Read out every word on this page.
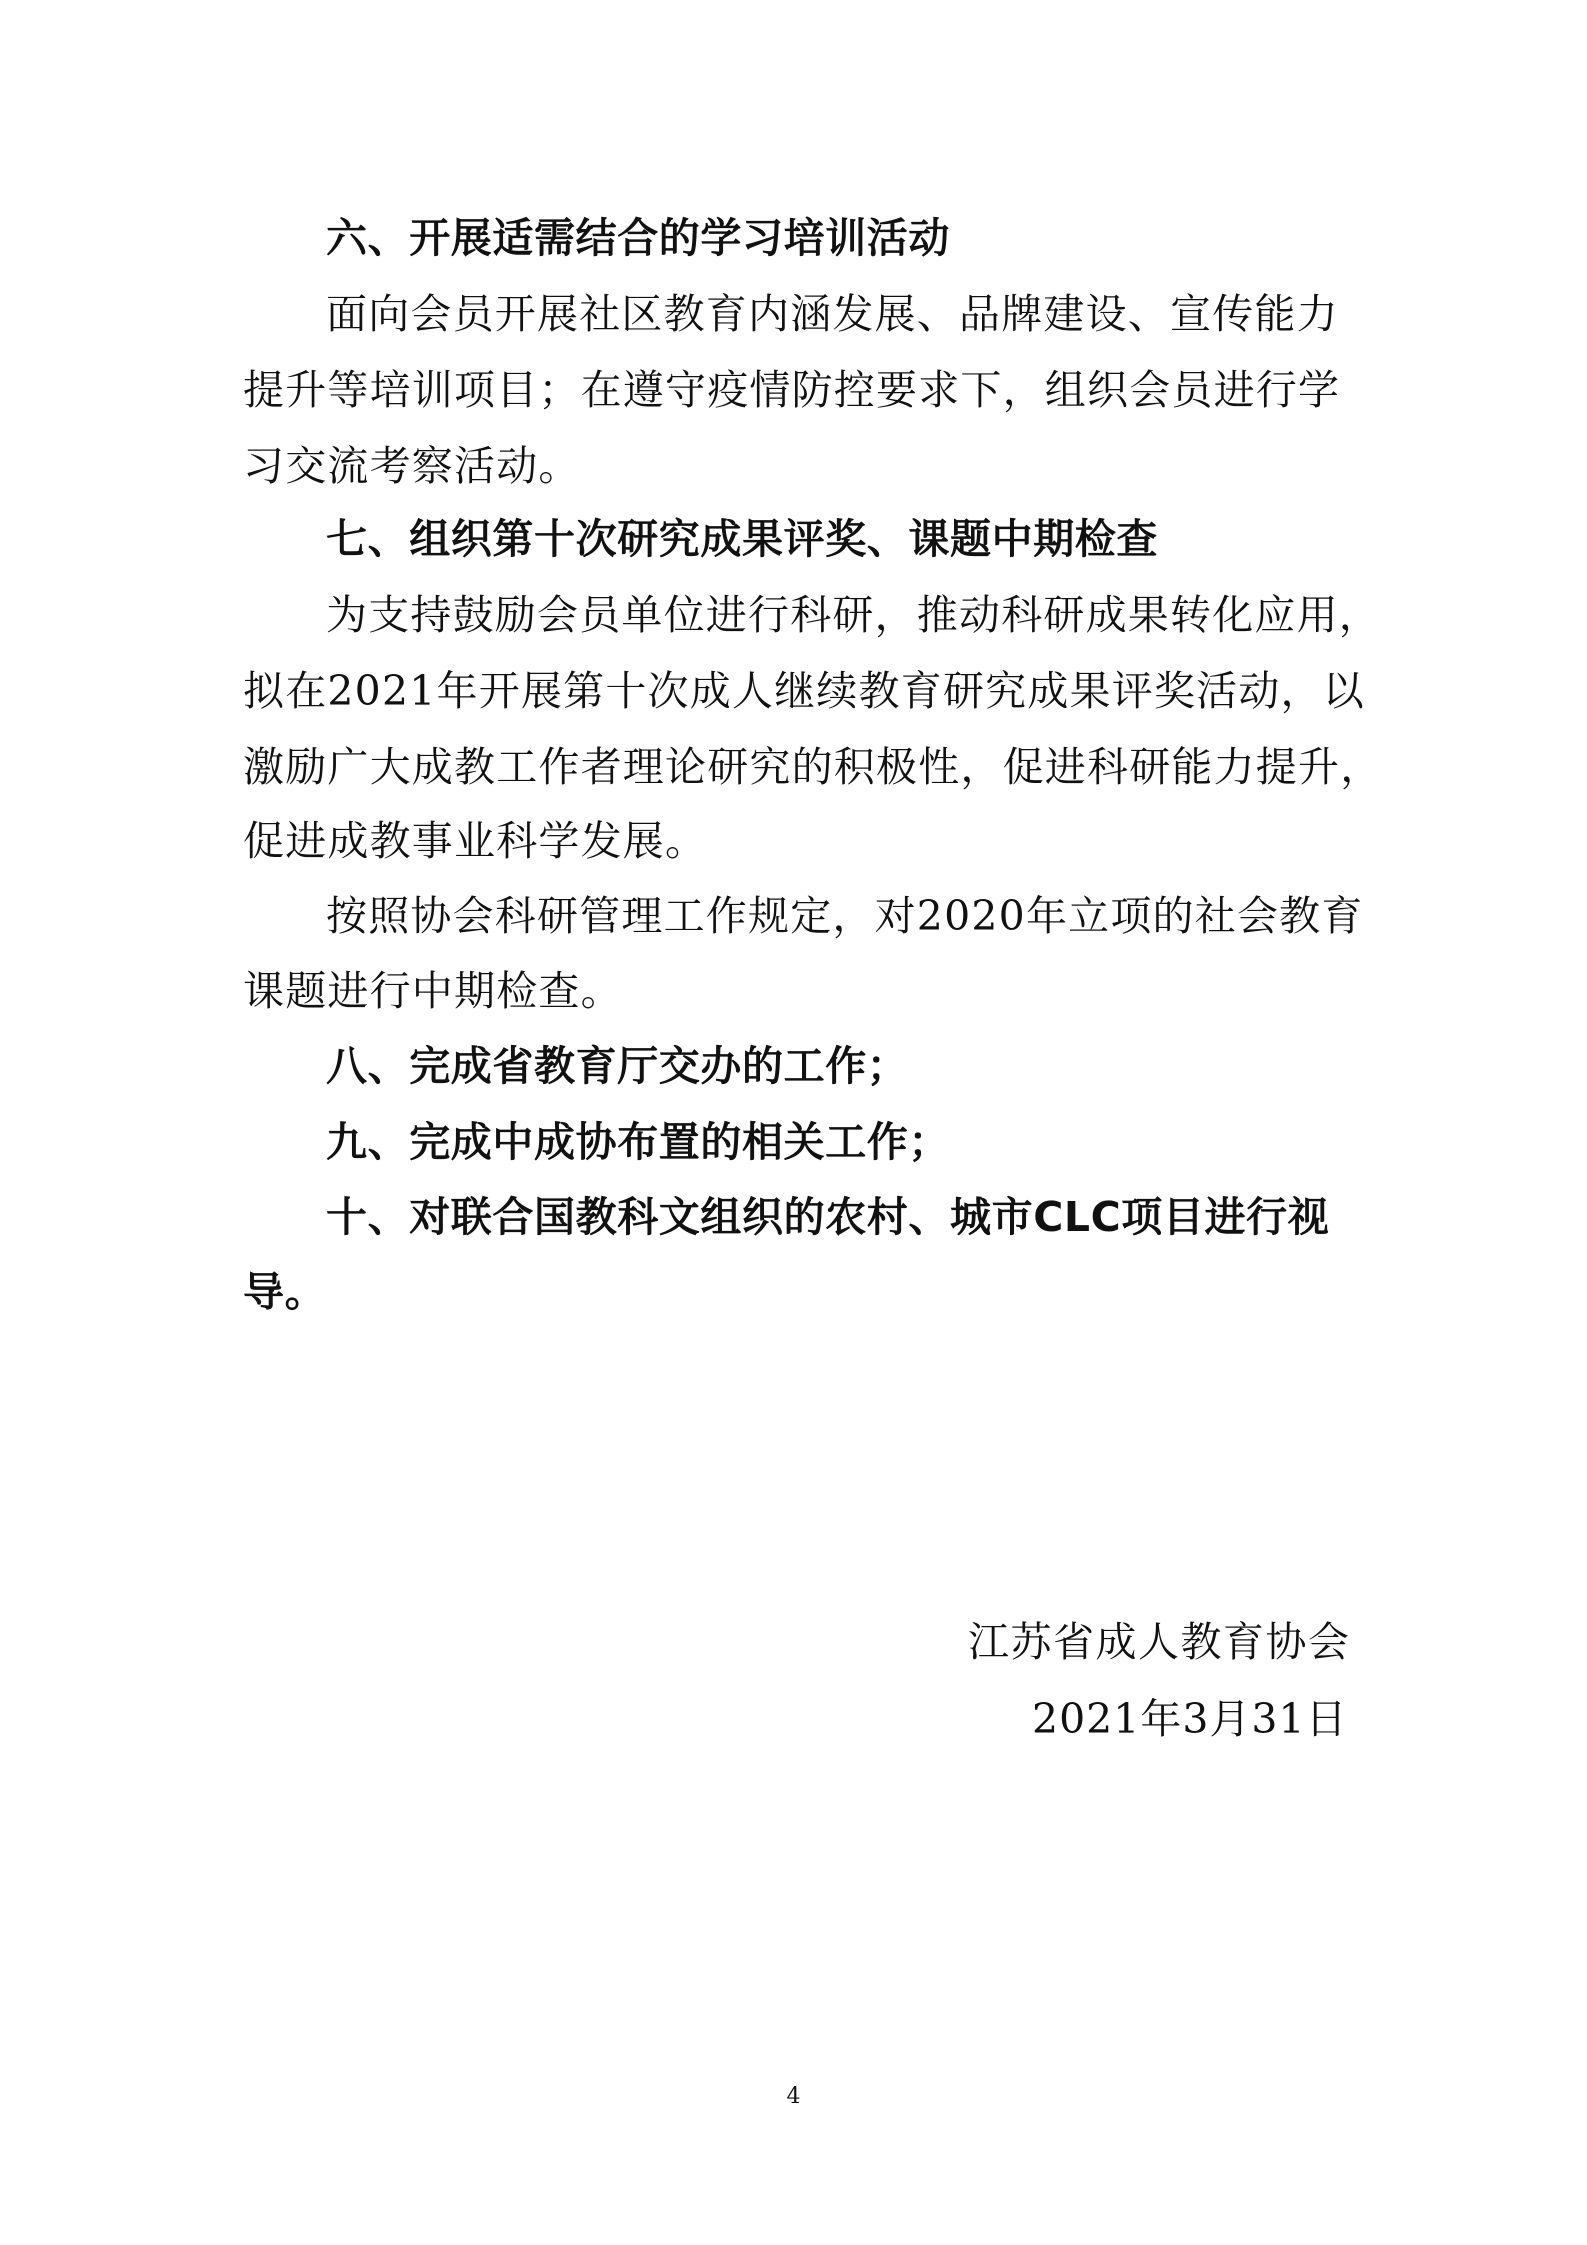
六、开展适需结合的学习培训活动
面向会员开展社区教育内涵发展、品牌建设、宣传能力
提升等培训项目；在遵守疫情防控要求下，组织会员进行学
习交流考察活动。
七、组织第十次研究成果评奖、课题中期检查
为支持鼓励会员单位进行科研，推动科研成果转化应用，
拟在2021年开展第十次成人继续教育研究成果评奖活动，以
激励广大成教工作者理论研究的积极性，促进科研能力提升，
促进成教事业科学发展。
按照协会科研管理工作规定，对2020年立项的社会教育
课题进行中期检查。
八、完成省教育厅交办的工作；
九、完成中成协布置的相关工作；
十、对联合国教科文组织的农村、城市CLC项目进行视
导。
江苏省成人教育协会
2021年3月31日
4
